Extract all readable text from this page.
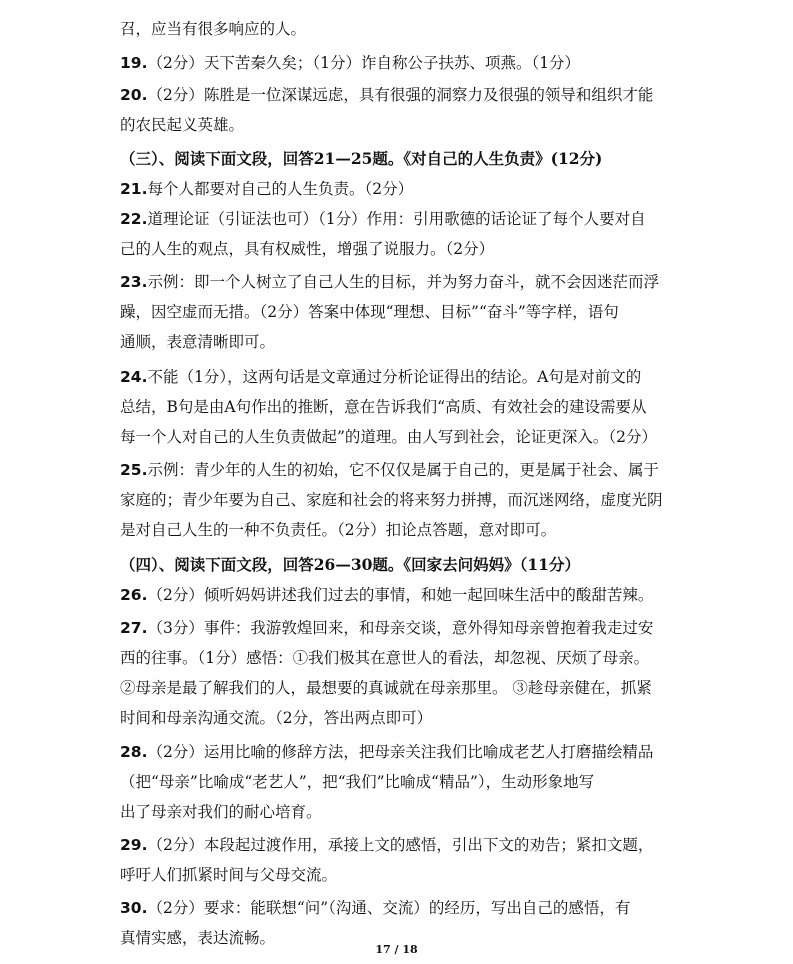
召，应当有很多响应的人。
19.（2分）天下苦秦久矣；（1分）诈自称公子扶苏、项燕。（1分）
20.（2分）陈胜是一位深谋远虑，具有很强的洞察力及很强的领导和组织才能
的农民起义英雄。
（三）、阅读下面文段，回答21—25题。《对自己的人生负责》(12分)
21.每个人都要对自己的人生负责。（2分）
22.道理论证（引证法也可）（1分）作用：引用歌德的话论证了每个人要对自
己的人生的观点，具有权威性，增强了说服力。（2分）
23.示例：即一个人树立了自己人生的目标，并为努力奋斗，就不会因迷茫而浮
躁，因空虚而无措。（2分）答案中体现“理想、目标”“奋斗”等字样，语句
通顺，表意清晰即可。
24.不能（1分），这两句话是文章通过分析论证得出的结论。A句是对前文的
总结，B句是由A句作出的推断，意在告诉我们“高质、有效社会的建设需要从
每一个人对自己的人生负责做起”的道理。由人写到社会，论证更深入。（2分）
25.示例：青少年的人生的初始，它不仅仅是属于自己的，更是属于社会、属于
家庭的；青少年要为自己、家庭和社会的将来努力拼搏，而沉迷网络，虚度光阴
是对自己人生的一种不负责任。（2分）扣论点答题，意对即可。
（四）、阅读下面文段，回答26—30题。《回家去问妈妈》（11分）
26.（2分）倾听妈妈讲述我们过去的事情，和她一起回味生活中的酸甜苦辣。
27.（3分）事件：我游敦煌回来，和母亲交谈，意外得知母亲曾抱着我走过安
西的往事。（1分）感悟：①我们极其在意世人的看法，却忽视、厌烦了母亲。
②母亲是最了解我们的人，最想要的真诚就在母亲那里。 ③趁母亲健在，抓紧
时间和母亲沟通交流。（2分，答出两点即可）
28.（2分）运用比喻的修辞方法，把母亲关注我们比喻成老艺人打磨描绘精品
（把“母亲”比喻成“老艺人”，把“我们”比喻成“精品”），生动形象地写
出了母亲对我们的耐心培育。
29.（2分）本段起过渡作用，承接上文的感悟，引出下文的劝告；紧扣文题，
呼吁人们抓紧时间与父母交流。
30.（2分）要求：能联想“问”（沟通、交流）的经历，写出自己的感悟，有
真情实感，表达流畅。
17 / 18
